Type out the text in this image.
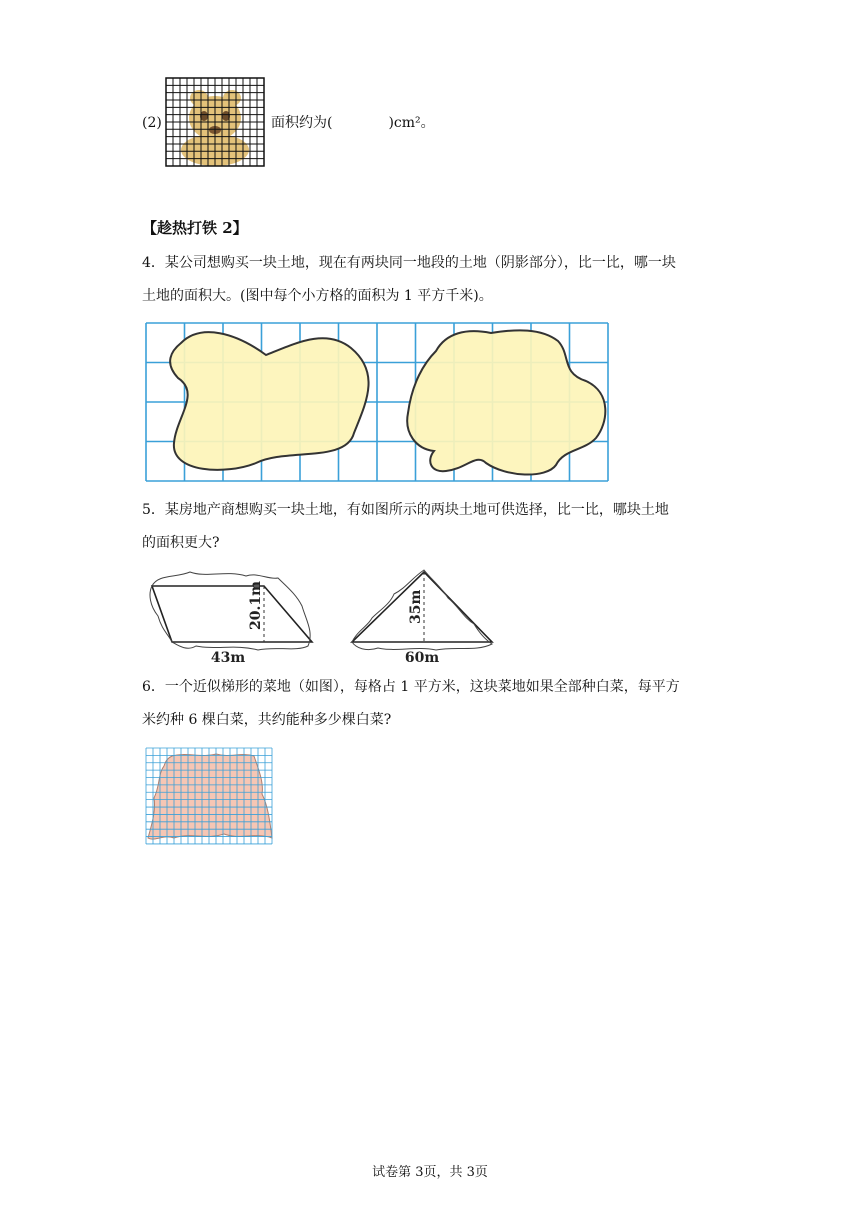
(2)	面积约为(　　　　)cm²。
【趁热打铁 2】
4．某公司想购买一块土地，现在有两块同一地段的土地（阴影部分），比一比，哪一块
土地的面积大。(图中每个小方格的面积为 1 平方千米)。
5．某房地产商想购买一块土地，有如图所示的两块土地可供选择，比一比，哪块土地
的面积更大?
20.1m
43m
35m
60m
6．一个近似梯形的菜地（如图），每格占 1 平方米，这块菜地如果全部种白菜，每平方
米约种 6 棵白菜，共约能种多少棵白菜?
试卷第 3页，共 3页
